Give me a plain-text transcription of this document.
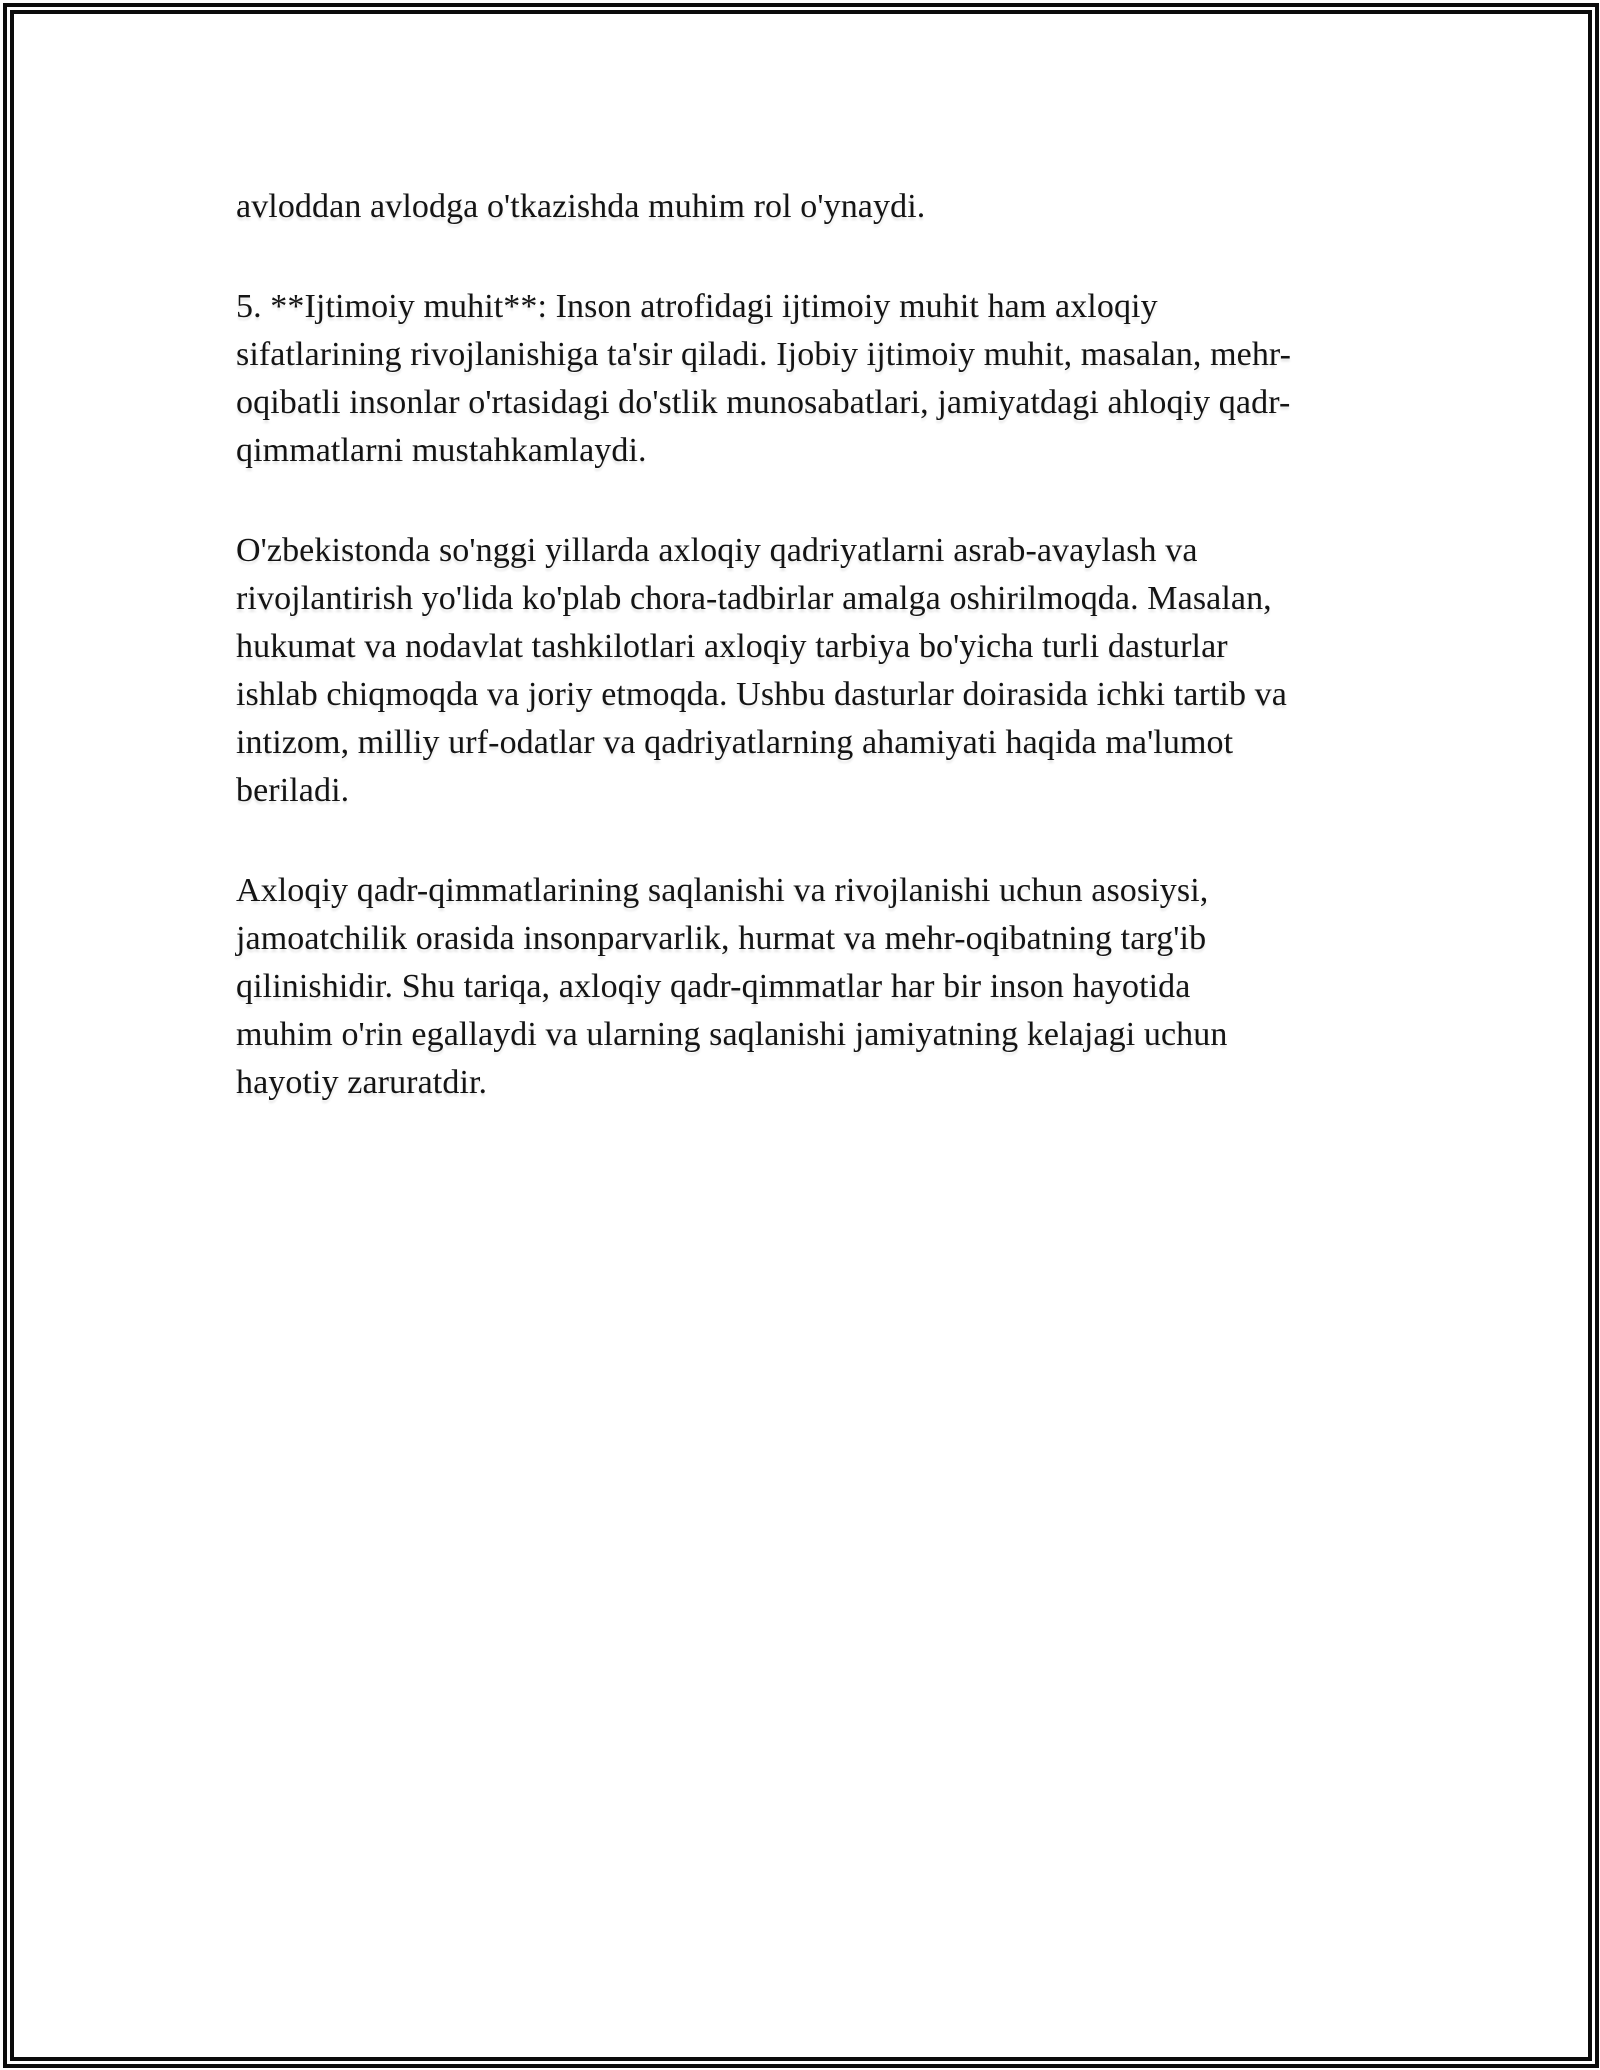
avloddan avlodga o'tkazishda muhim rol o'ynaydi.
5. **Ijtimoiy muhit**: Inson atrofidagi ijtimoiy muhit ham axloqiy
sifatlarining rivojlanishiga ta'sir qiladi. Ijobiy ijtimoiy muhit, masalan, mehr-
oqibatli insonlar o'rtasidagi do'stlik munosabatlari, jamiyatdagi ahloqiy qadr-
qimmatlarni mustahkamlaydi.
O'zbekistonda so'nggi yillarda axloqiy qadriyatlarni asrab-avaylash va
rivojlantirish yo'lida ko'plab chora-tadbirlar amalga oshirilmoqda. Masalan,
hukumat va nodavlat tashkilotlari axloqiy tarbiya bo'yicha turli dasturlar
ishlab chiqmoqda va joriy etmoqda. Ushbu dasturlar doirasida ichki tartib va
intizom, milliy urf-odatlar va qadriyatlarning ahamiyati haqida ma'lumot
beriladi.
Axloqiy qadr-qimmatlarining saqlanishi va rivojlanishi uchun asosiysi,
jamoatchilik orasida insonparvarlik, hurmat va mehr-oqibatning targ'ib
qilinishidir. Shu tariqa, axloqiy qadr-qimmatlar har bir inson hayotida
muhim o'rin egallaydi va ularning saqlanishi jamiyatning kelajagi uchun
hayotiy zaruratdir.
